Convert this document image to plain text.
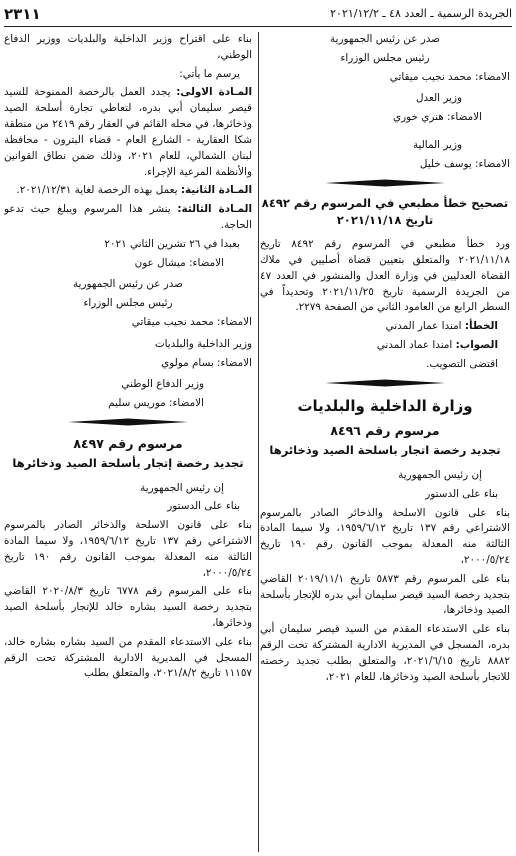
الجريدة الرسمية ـ العدد ٤٨ ـ ٢٠٢١/١٢/٢
٢٣١١

صدر عن رئيس الجمهورية

رئيس مجلس الوزراء

الامضاء: محمد نجيب ميقاتي

وزير العدل

الامضاء: هنري خوري

وزير المالية

الامضاء: يوسف خليل

تصحيح خطأ مطبعي في المرسوم رقم ٨٤٩٢
تاريخ ٢٠٢١/١١/١٨

ورد خطأ مطبعي في المرسوم رقم ٨٤٩٢ تاريخ ٢٠٢١/١١/١٨ والمتعلق بتعيين قضاة أصليين في ملاك القضاة العدليين في وزارة العدل والمنشور في العدد ٤٧ من الجريدة الرسمية تاريخ ٢٠٢١/١١/٢٥ وتحديداً في السطر الرابع من العامود الثاني من الصفحة ٢٢٧٩.

الخطأ: امندا عمار المدني

الصواب: امندا عماد المدني

اقتضى التصويب.

وزارة الداخلية والبلديات
مرسوم رقم ٨٤٩٦
تجديد رخصة اتجار باسلحة الصيد وذخائرها

إن رئيس الجمهورية

بناء على الدستور

بناء على قانون الاسلحة والذخائر الصادر بالمرسوم الاشتراعي رقم ١٣٧ تاريخ ١٩٥٩/٦/١٢، ولا سيما المادة الثالثة منه المعدلة بموجب القانون رقم ١٩٠ تاريخ ٢٠٠٠/٥/٢٤،

بناء على المرسوم رقم ٥٨٧٣ تاريخ ٢٠١٩/١١/١ القاضي بتجديد رخصة السيد قيصر سليمان أبي بدره للإتجار بأسلحة الصيد وذخائرها،

بناء على الاستدعاء المقدم من السيد قيصر سليمان أبي بدره، المسجل في المديرية الادارية المشتركة تحت الرقم ٨٨٨٢ تاريخ ٢٠٢١/٦/١٥، والمتعلق بطلب تجديد رخصته للاتجار بأسلحة الصيد وذخائرها، للعام ٢٠٢١،

بناء على اقتراح وزير الداخلية والبلديات ووزير الدفاع الوطني،

يرسم ما يأتي:

المـادة الاولى: يجدد العمل بالرخصة الممنوحة للسيد قيصر سليمان أبي بدره، لتعاطي تجارة أسلحة الصيد وذخائرها، في محله القائم في العقار رقم ٢٤١٩ من منطقة شكا العقارية - الشارع العام - قضاء البترون - محافظة لبنان الشمالي، للعام ٢٠٢١، وذلك ضمن نطاق القوانين والأنظمة المرعية الإجراء.

المـادة الثانية: يعمل بهذه الرخصة لغاية ٢٠٢١/١٢/٣١.

المـادة الثالثة: ينشر هذا المرسوم ويبلغ حيث تدعو الحاجة.

بعبدا في ٢٦ تشرين الثاني ٢٠٢١

الامضاء: ميشال عون

صدر عن رئيس الجمهورية

رئيس مجلس الوزراء

الامضاء: محمد نجيب ميقاتي

وزير الداخلية والبلديات

الامضاء: بسام مولوي

وزير الدفاع الوطني

الامضاء: موريس سليم

مرسوم رقم ٨٤٩٧
تجديد رخصة إتجار بأسلحة الصيد وذخائرها

إن رئيس الجمهورية

بناء على الدستور

بناء على قانون الاسلحة والذخائر الصادر بالمرسوم الاشتراعي رقم ١٣٧ تاريخ ١٩٥٩/٦/١٢، ولا سيما المادة الثالثة منه المعدلة بموجب القانون رقم ١٩٠ تاريخ ٢٠٠٠/٥/٢٤،

بناء على المرسوم رقم ٦٧٧٨ تاريخ ٢٠٢٠/٨/٣ القاضي بتجديد رخصة السيد بشاره خالد للإتجار بأسلحة الصيد وذخائرها،

بناء على الاستدعاء المقدم من السيد بشاره بشاره خالد، المسجل في المديرية الادارية المشتركة تحت الرقم ١١١٥٧ تاريخ ٢٠٢١/٨/٢، والمتعلق بطلب
